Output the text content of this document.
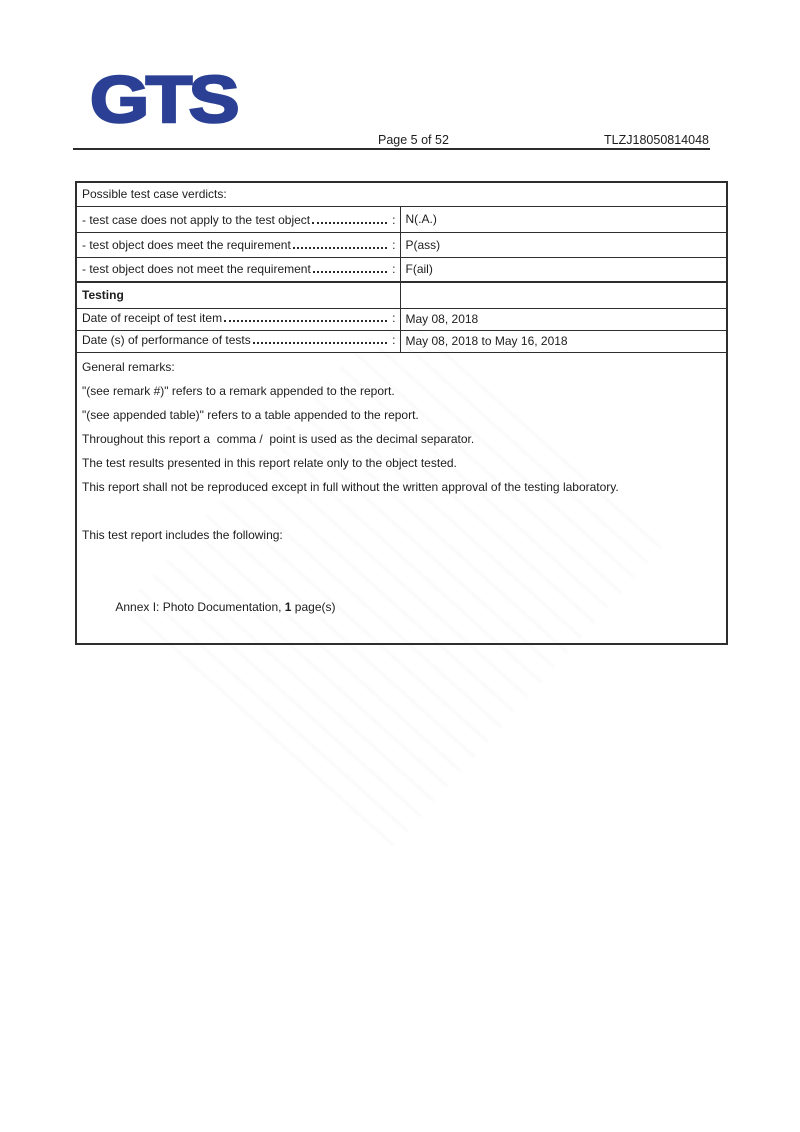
GTS
Page 5 of 52	TLZJ18050814048
Possible test case verdicts:	

- test case does not apply to the test object :	N(.A.)

- test object does meet the requirement :	P(ass)

- test object does not meet the requirement :	F(ail)
Testing	

Date of receipt of test item :	May 08, 2018

Date (s) of performance of tests :	May 08, 2018 to May 16, 2018

General remarks:
"(see remark #)" refers to a remark appended to the report.
"(see appended table)" refers to a table appended to the report.
Throughout this report a  comma /  point is used as the decimal separator.
The test results presented in this report relate only to the object tested.
This report shall not be reproduced except in full without the written approval of the testing laboratory.
This test report includes the following:

Annex I: Photo Documentation, 1 page(s)
